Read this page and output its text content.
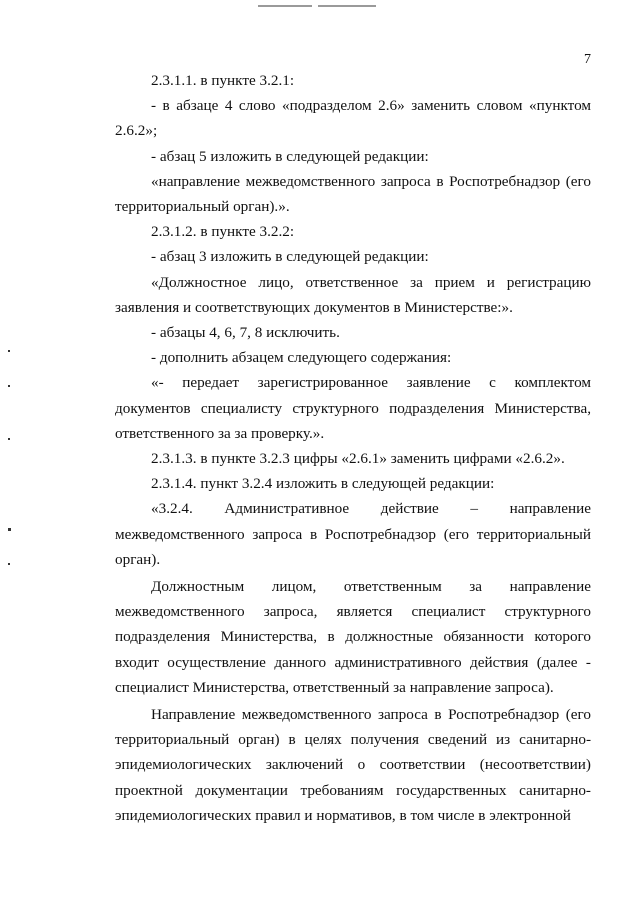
7

2.3.1.1. в пункте 3.2.1:

- в абзаце 4 слово «подразделом 2.6» заменить словом «пунктом 2.6.2»;

- абзац 5 изложить в следующей редакции:

«направление межведомственного запроса в Роспотребнадзор (его территориальный орган).».

2.3.1.2. в пункте 3.2.2:

- абзац 3 изложить в следующей редакции:

«Должностное лицо, ответственное за прием и регистрацию заявления и соответствующих документов в Министерстве:».

- абзацы 4, 6, 7, 8 исключить.

- дополнить абзацем следующего содержания:

«- передает зарегистрированное заявление с комплектом документов специалисту структурного подразделения Министерства, ответственного за за проверку.».

2.3.1.3. в пункте 3.2.3 цифры «2.6.1» заменить цифрами «2.6.2».

2.3.1.4. пункт 3.2.4 изложить в следующей редакции:

«3.2.4. Административное действие – направление межведомственного запроса в Роспотребнадзор (его территориальный орган).

Должностным лицом, ответственным за направление межведомственного запроса, является специалист структурного подразделения Министерства, в должностные обязанности которого входит осуществление данного административного действия (далее - специалист Министерства, ответственный за направление запроса).

Направление межведомственного запроса в Роспотребнадзор (его территориальный орган) в целях получения сведений из санитарно-эпидемиологических заключений о соответствии (несоответствии) проектной документации требованиям государственных санитарно-эпидемиологических правил и нормативов, в том числе в электронной
